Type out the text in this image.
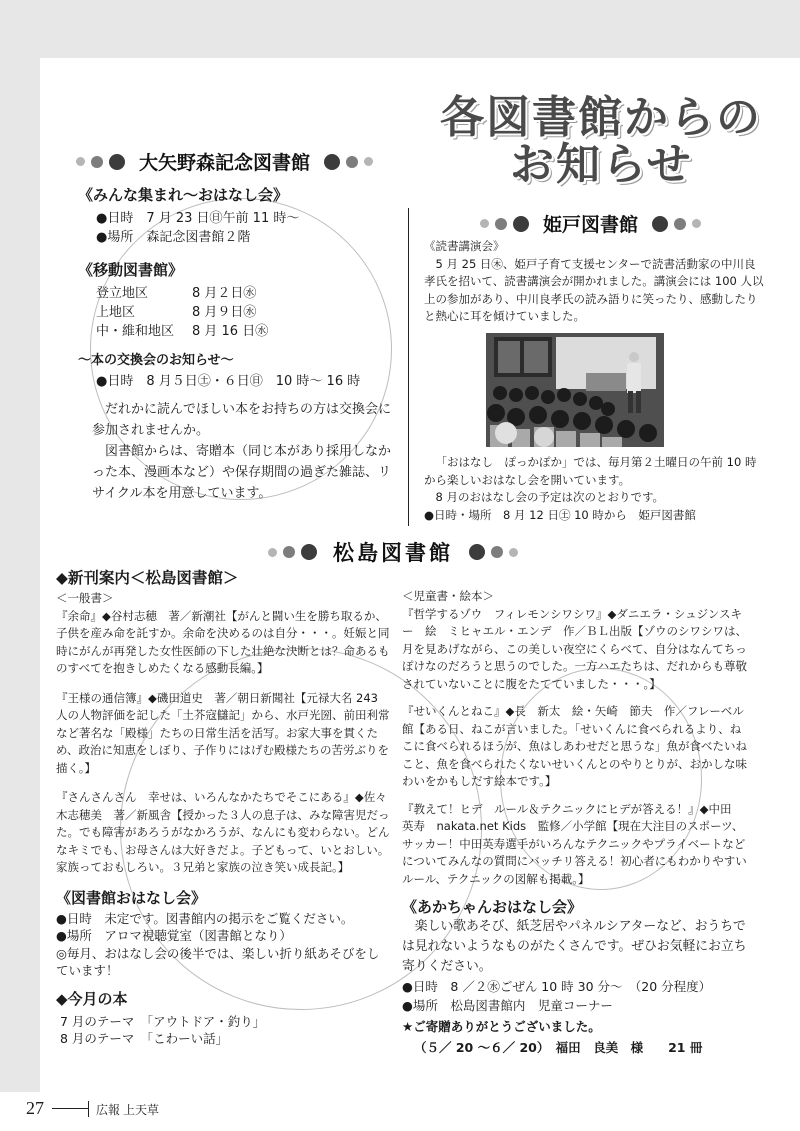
各図書館からの
お知らせ
大矢野森記念図書館
《みんな集まれ～おはなし会》
●日時　7 月 23 日㊐午前 11 時～
●場所　森記念図書館２階
《移動図書館》
登立地区	8 月２日㊌
上地区	8 月９日㊌
中・維和地区	8 月 16 日㊌
～本の交換会のお知らせ～
●日時　8 月５日㊏・６日㊐　10 時～ 16 時

だれかに読んでほしい本をお持ちの方は交換会に参加されませんか。

図書館からは、寄贈本（同じ本があり採用しなかった本、漫画本など）や保存期間の過ぎた雑誌、リサイクル本を用意しています。

姫戸図書館
《読書講演会》

5 月 25 日㊍、姫戸子育て支援センターで読書活動家の中川良孝氏を招いて、読書講演会が開かれました。講演会には 100 人以上の参加があり、中川良孝氏の読み語りに笑ったり、感動したりと熱心に耳を傾けていました。

「おはなし　ぽっかぽか」では、毎月第２土曜日の午前 10 時から楽しいおはなし会を開いています。

8 月のおはなし会の予定は次のとおりです。

●日時・場所　8 月 12 日㊏ 10 時から　姫戸図書館
松島図書館
◆新刊案内＜松島図書館＞
＜一般書＞

『余命』◆谷村志穂　著／新潮社【がんと闘い生を勝ち取るか、子供を産み命を託すか。余命を決めるのは自分・・・。妊娠と同時にがんが再発した女性医師の下した壮絶な決断とは？命あるものすべてを抱きしめたくなる感動長編。】

『王様の通信簿』◆磯田道史　著／朝日新聞社【元禄大名 243 人の人物評価を記した「土芥寇讎記」から、水戸光圀、前田利常など著名な「殿様」たちの日常生活を活写。お家大事を貫くため、政治に知恵をしぼり、子作りにはげむ殿様たちの苦労ぶりを描く。】

『さんさんさん　幸せは、いろんなかたちでそこにある』◆佐々木志穂美　著／新風舎【授かった３人の息子は、みな障害児だった。でも障害があろうがなかろうが、なんにも変わらない。どんなキミでも、お母さんは大好きだよ。子どもって、いとおしい。家族っておもしろい。３兄弟と家族の泣き笑い成長記。】

《図書館おはなし会》
●日時　未定です。図書館内の掲示をご覧ください。
●場所　アロマ視聴覚室（図書館となり）
◎毎月、おはなし会の後半では、楽しい折り紙あそびをしています！
◆今月の本
7 月のテーマ　「アウトドア・釣り」
8 月のテーマ　「こわーい話」
＜児童書・絵本＞

『哲学するゾウ　フィレモンシワシワ』◆ダニエラ・シュジンスキー　絵　ミヒャエル・エンデ　作／ＢＬ出版【ゾウのシワシワは、月を見あげながら、この美しい夜空にくらべて、自分はなんてちっぽけなのだろうと思うのでした。一方ハエたちは、だれからも尊敬されていないことに腹をたてていました・・・。】

『せいくんとねこ』◆長　新太　絵・矢崎　節夫　作／フレーベル館【ある日、ねこが言いました。「せいくんに食べられるより、ねこに食べられるほうが、魚はしあわせだと思うな」魚が食べたいねこと、魚を食べられたくないせいくんとのやりとりが、おかしな味わいをかもしだす絵本です。】

『教えて！ヒデ　ルール＆テクニックにヒデが答える！』◆中田　英寿　nakata.net Kids　監修／小学館【現在大注目のスポーツ、サッカー！中田英寿選手がいろんなテクニックやプライベートなどについてみんなの質問にバッチリ答える！初心者にもわかりやすいルール、テクニックの図解も掲載。】

《あかちゃんおはなし会》

楽しい歌あそび、紙芝居やパネルシアターなど、おうちでは見れないようなものがたくさんです。ぜひお気軽にお立ち寄りください。

●日時　8 ／２㊌ごぜん 10 時 30 分～　（20 分程度）
●場所　松島図書館内　児童コーナー
★ご寄贈ありがとうございました。
（５／ 20 ～６／ 20）　福田　良美　様　　21 冊
27	広報 上天草
